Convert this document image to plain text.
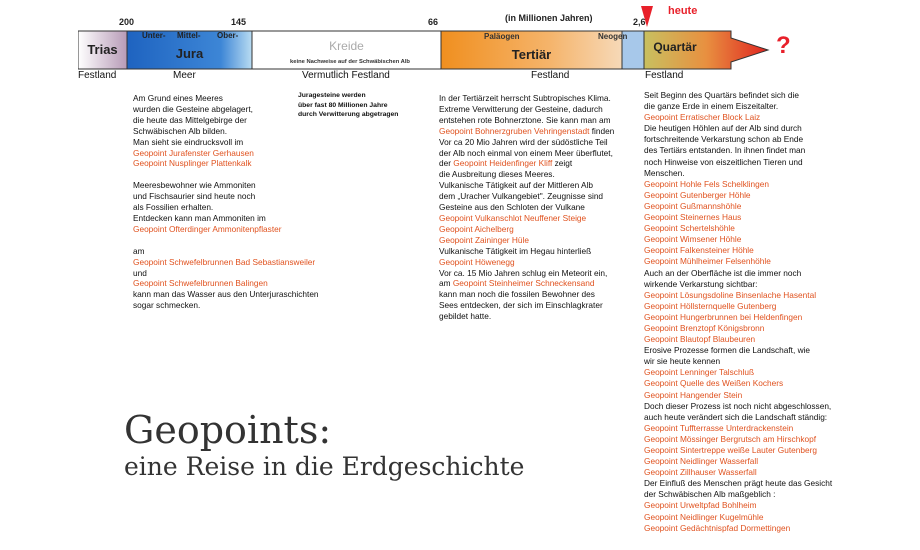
200	145	66	2,6
(in Millionen Jahren)
heute
Trias	Jura
Unter- Mittel- Ober-
Kreide
keine Nachweise auf der Schwäbischen Alb
Paläogen
Tertiär
Neogen
Quartär	?
Festland	Meer	Vermutlich Festland	Festland	Festland
Am Grund eines Meeres
wurden die Gesteine abgelagert,
die heute das Mittelgebirge der
Schwäbischen Alb bilden.
Man sieht sie eindrucksvoll im
Geopoint Jurafenster Gerhausen
Geopoint Nusplinger Plattenkalk

Meeresbewohner wie Ammoniten
und Fischsaurier sind heute noch
als Fossilien erhalten.
Entdecken kann man Ammoniten im
Geopoint Ofterdinger Ammonitenpflaster

am
Geopoint Schwefelbrunnen Bad Sebastiansweiler
und
Geopoint Schwefelbrunnen Balingen
kann man das Wasser aus den Unterjuraschichten
sogar schmecken.
Juragesteine werden
über fast 80 Millionen Jahre
durch Verwitterung abgetragen
In der Tertiärzeit herrscht Subtropisches Klima.
Extreme Verwitterung der Gesteine, dadurch
entstehen rote Bohnerztone. Sie kann man am
Geopoint Bohnerzgruben Vehringenstadt finden
Vor ca 20 Mio Jahren wird der südöstliche Teil
der Alb noch einmal von einem Meer überflutet,
der Geopoint Heidenfinger Kliff zeigt
die Ausbreitung dieses Meeres.
Vulkanische Tätigkeit auf der Mittleren Alb
dem „Uracher Vulkangebiet". Zeugnisse sind
Gesteine aus den Schloten der Vulkane
Geopoint Vulkanschlot Neuffener Steige
Geopoint Aichelberg
Geopoint Zaininger Hüle
Vulkanische Tätigkeit im Hegau hinterließ
Geopoint Höwenegg
Vor ca. 15 Mio Jahren schlug ein Meteorit ein,
am Geopoint Steinheimer Schneckensand
kann man noch die fossilen Bewohner des
Sees entdecken, der sich im Einschlagkrater
gebildet hatte.
Seit Beginn des Quartärs befindet sich die
die ganze Erde in einem Eiszeitalter.
Geopoint Erratischer Block Laiz
Die heutigen Höhlen auf der Alb sind durch
fortschreitende Verkarstung schon ab Ende
des Tertiärs entstanden. In ihnen findet man
noch Hinweise von eiszeitlichen Tieren und
Menschen.
Geopoint Hohle Fels Schelklingen
Geopoint Gutenberger Höhle
Geopoint Gußmannshöhle
Geopoint Steinernes Haus
Geopoint Schertelshöhle
Geopoint Wimsener Höhle
Geopoint Falkensteiner Höhle
Geopoint Mühlheimer Felsenhöhle
Auch an der Oberfläche ist die immer noch
wirkende Verkarstung sichtbar:
Geopoint Lösungsdoline Binsenlache Hasental
Geopoint Höllsternquelle Gutenberg
Geopoint Hungerbrunnen bei Heldenfingen
Geopoint Brenztopf Königsbronn
Geopoint Blautopf Blaubeuren
Erosive Prozesse formen die Landschaft, wie
wir sie heute kennen
Geopoint Lenninger Talschluß
Geopoint Quelle des Weißen Kochers
Geopoint Hangender Stein
Doch dieser Prozess ist noch nicht abgeschlossen,
auch heute verändert sich die Landschaft ständig:
Geopoint Tuffterrasse Unterdrackenstein
Geopoint Mössinger Bergrutsch am Hirschkopf
Geopoint Sintertreppe weiße Lauter Gutenberg
Geopoint Neidlinger Wasserfall
Geopoint Zillhauser Wasserfall
Der Einfluß des Menschen prägt heute das Gesicht
der Schwäbischen Alb maßgeblich :
Geopoint Urweltpfad Bohlheim
Geopoint Neidlinger Kugelmühle
Geopoint Gedächtnispfad Dormettingen
Geopoints:
eine Reise in die Erdgeschichte
